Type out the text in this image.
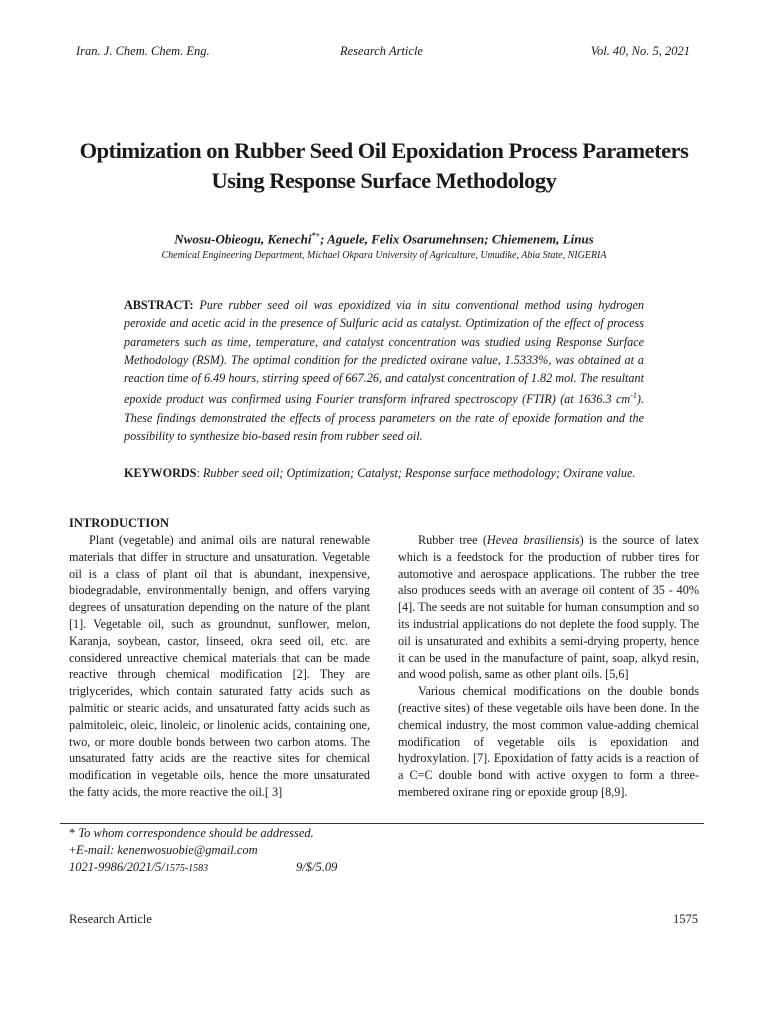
Iran. J. Chem. Chem. Eng.	Research Article	Vol. 40, No. 5, 2021
Optimization on Rubber Seed Oil Epoxidation Process Parameters
Using Response Surface Methodology
Nwosu-Obieogu, Kenechi*+; Aguele, Felix Osarumehnsen; Chiemenem, Linus
Chemical Engineering Department, Michael Okpara University of Agriculture, Umudike, Abia State, NIGERIA
ABSTRACT: Pure rubber seed oil was epoxidized via in situ conventional method using hydrogen peroxide and acetic acid in the presence of Sulfuric acid as catalyst. Optimization of the effect of process parameters such as time, temperature, and catalyst concentration was studied using Response Surface Methodology (RSM). The optimal condition for the predicted oxirane value, 1.5333%, was obtained at a reaction time of 6.49 hours, stirring speed of 667.26, and catalyst concentration of 1.82 mol. The resultant epoxide product was confirmed using Fourier transform infrared spectroscopy (FTIR) (at 1636.3 $cm^{-1}$). These findings demonstrated the effects of process parameters on the rate of epoxide formation and the possibility to synthesize bio-based resin from rubber seed oil.
KEYWORDS: Rubber seed oil; Optimization; Catalyst; Response surface methodology; Oxirane value.
INTRODUCTION

Plant (vegetable) and animal oils are natural renewable materials that differ in structure and unsaturation. Vegetable oil is a class of plant oil that is abundant, inexpensive, biodegradable, environmentally benign, and offers varying degrees of unsaturation depending on the nature of the plant [1]. Vegetable oil, such as groundnut, sunflower, melon, Karanja, soybean, castor, linseed, okra seed oil, etc. are considered unreactive chemical materials that can be made reactive through chemical modification [2]. They are triglycerides, which contain saturated fatty acids such as palmitic or stearic acids, and unsaturated fatty acids such as palmitoleic, oleic, linoleic, or linolenic acids, containing one, two, or more double bonds between two carbon atoms. The unsaturated fatty acids are the reactive sites for chemical modification in vegetable oils, hence the more unsaturated the fatty acids, the more reactive the oil.[ 3]

Rubber tree (Hevea brasiliensis) is the source of latex which is a feedstock for the production of rubber tires for automotive and aerospace applications. The rubber the tree also produces seeds with an average oil content of 35 - 40% [4]. The seeds are not suitable for human consumption and so its industrial applications do not deplete the food supply. The oil is unsaturated and exhibits a semi-drying property, hence it can be used in the manufacture of paint, soap, alkyd resin, and wood polish, same as other plant oils. [5,6]

Various chemical modifications on the double bonds (reactive sites) of these vegetable oils have been done. In the chemical industry, the most common value-adding chemical modification of vegetable oils is epoxidation and hydroxylation. [7]. Epoxidation of fatty acids is a reaction of a C=C double bond with active oxygen to form a three-membered oxirane ring or epoxide group [8,9].

* To whom correspondence should be addressed.
+E-mail: kenenwosuobie@gmail.com
1021-9986/2021/5/1575-1583	9/$/5.09
Research Article	1575
